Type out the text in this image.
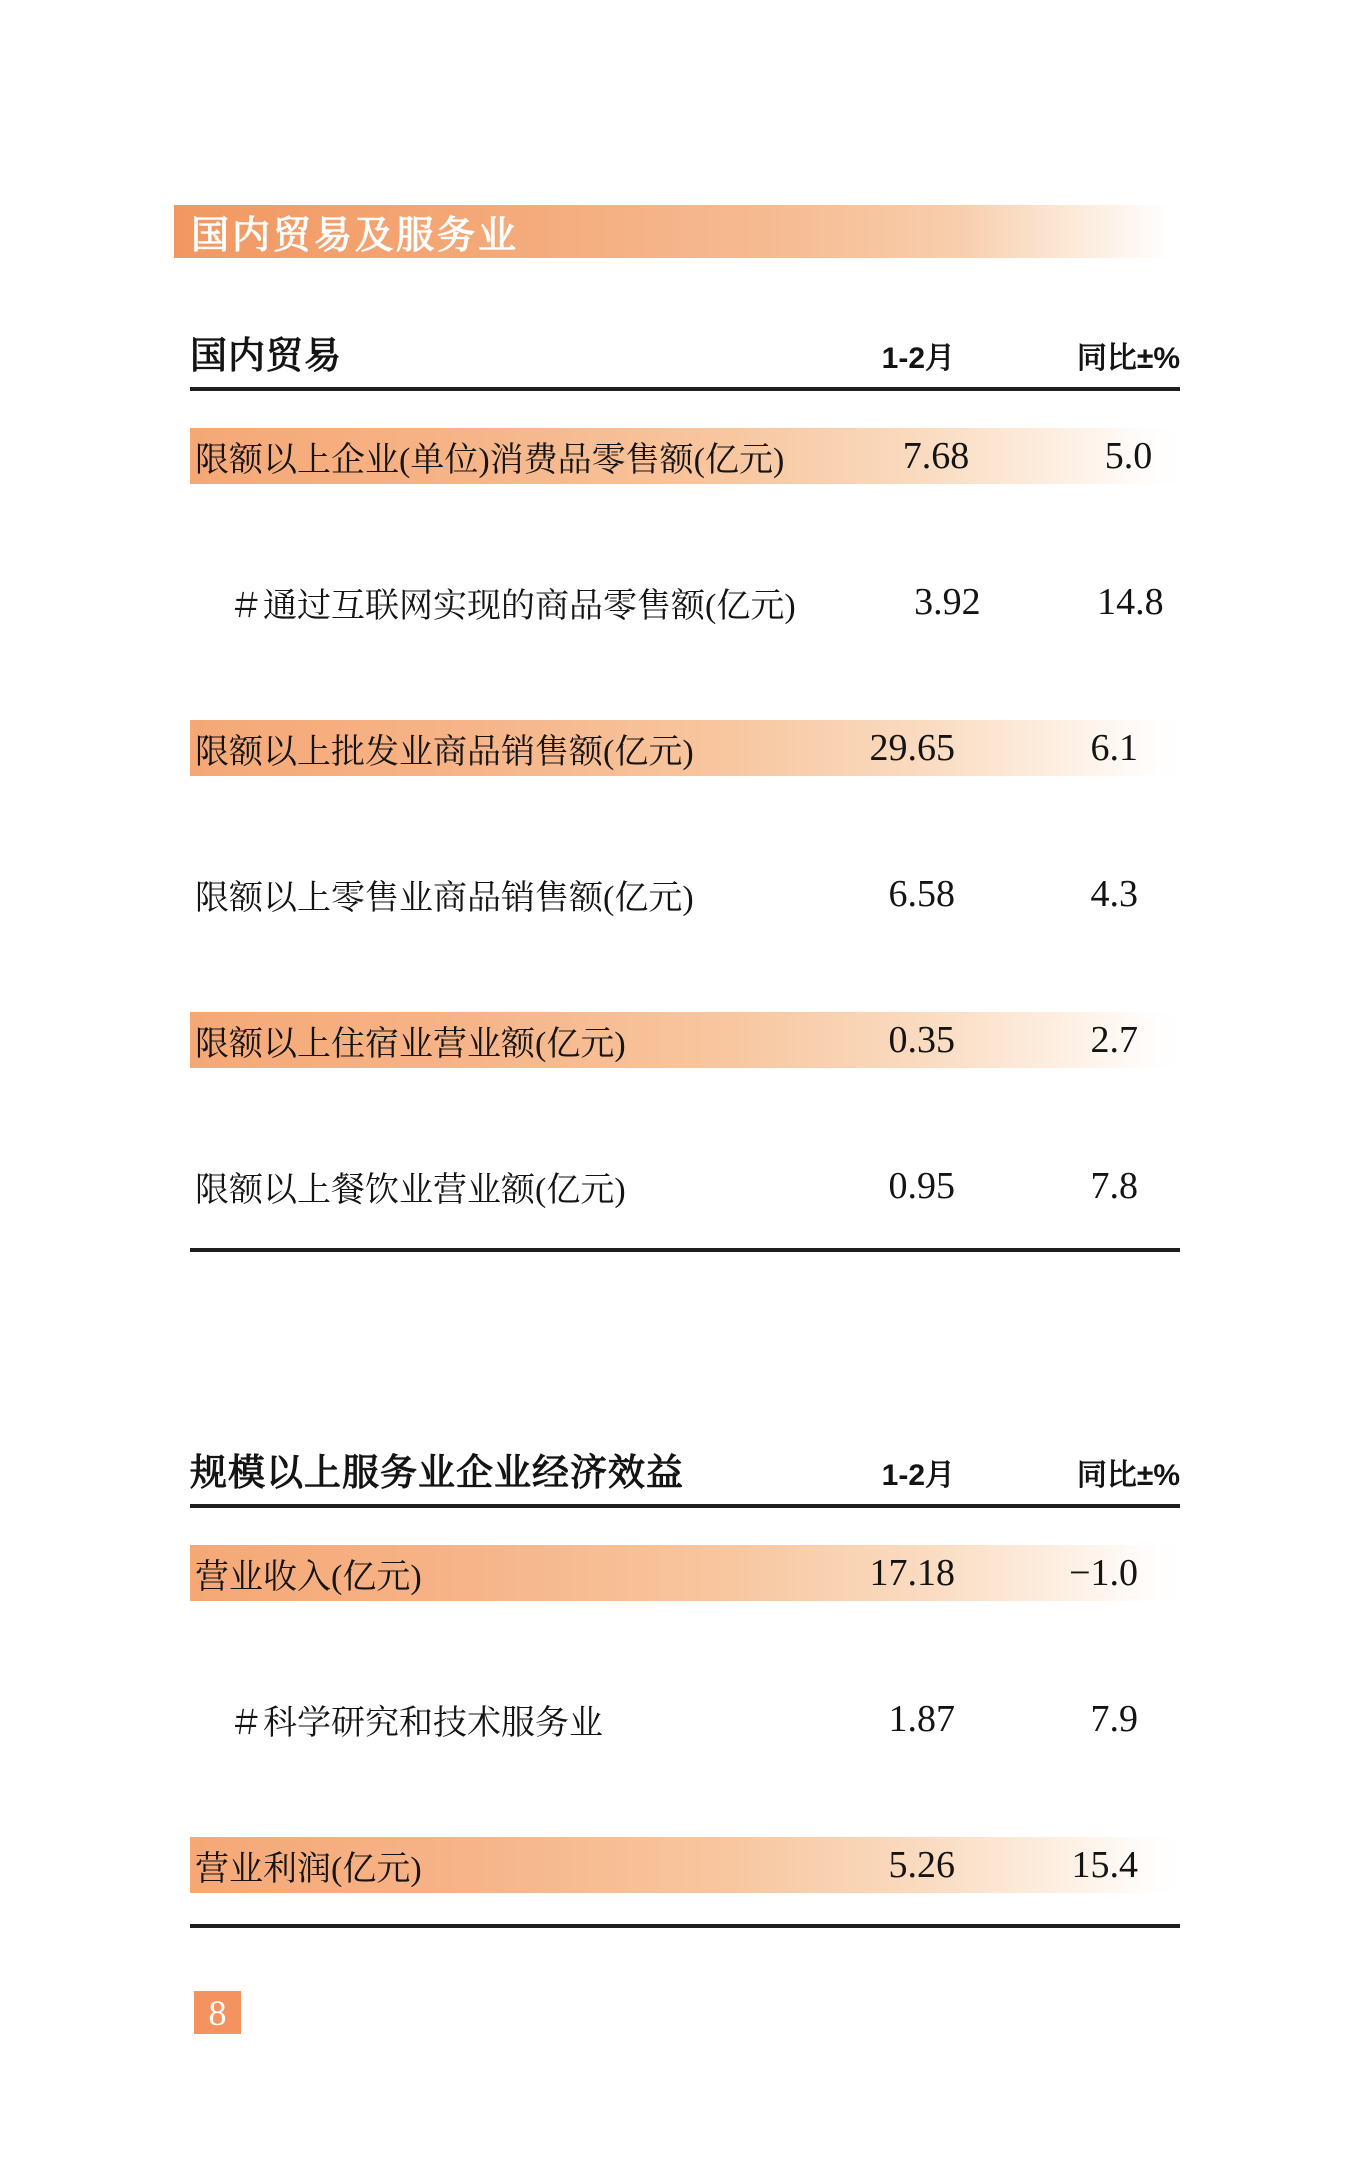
国内贸易及服务业
国内贸易	1-2月	同比±%
限额以上企业(单位)消费品零售额(亿元)	7.68	5.0
＃通过互联网实现的商品零售额(亿元)	3.92	14.8
限额以上批发业商品销售额(亿元)	29.65	6.1
限额以上零售业商品销售额(亿元)	6.58	4.3
限额以上住宿业营业额(亿元)	0.35	2.7
限额以上餐饮业营业额(亿元)	0.95	7.8
规模以上服务业企业经济效益	1-2月	同比±%
营业收入(亿元)	17.18	−1.0
＃科学研究和技术服务业	1.87	7.9
营业利润(亿元)	5.26	15.4
8
